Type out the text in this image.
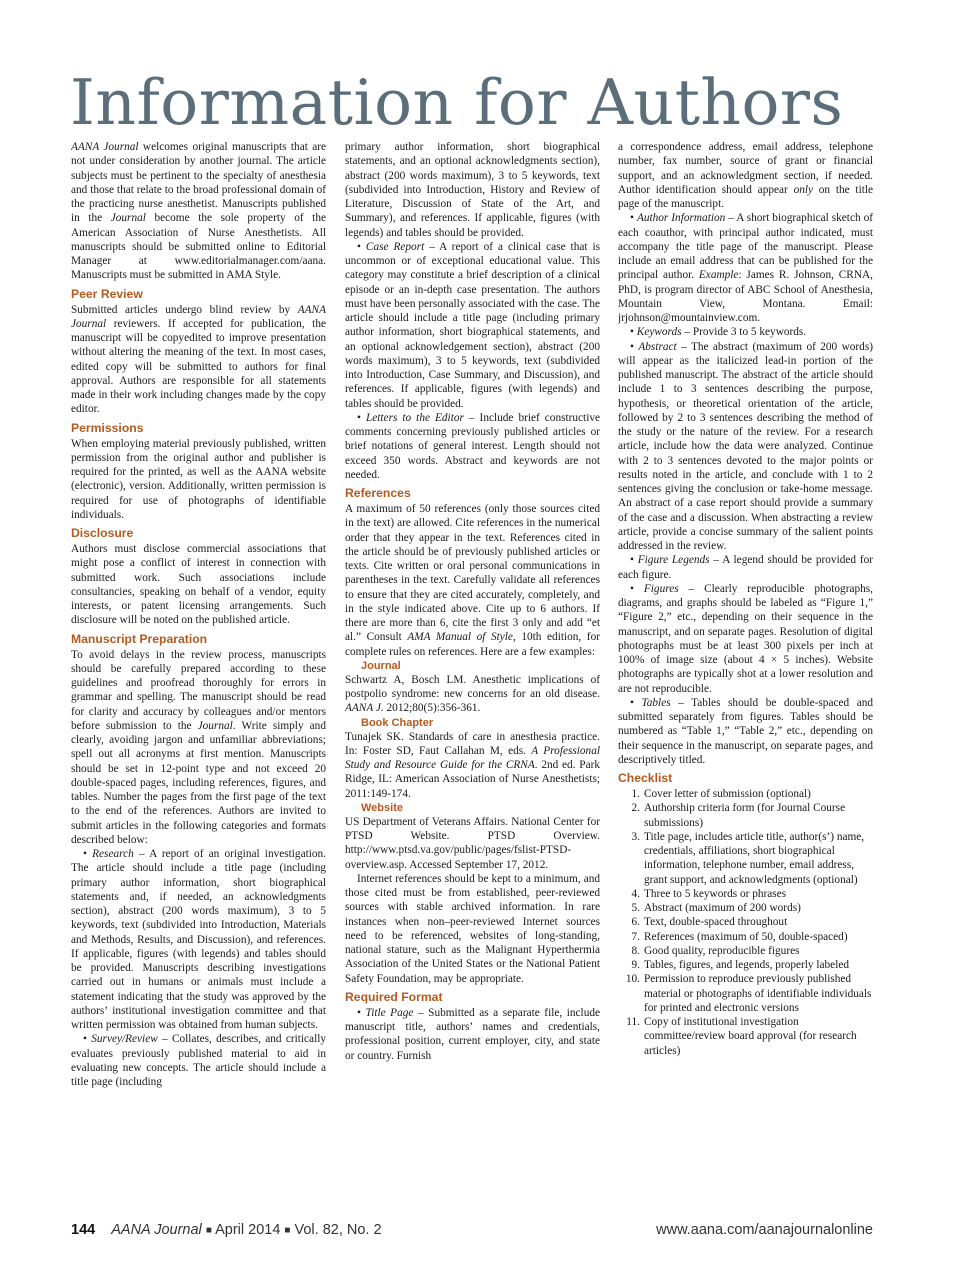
Information for Authors

AANA Journal welcomes original manuscripts that are not under consideration by another journal. The article subjects must be pertinent to the specialty of anesthesia and those that relate to the broad professional domain of the practicing nurse anesthetist. Manuscripts published in the Journal become the sole property of the American Association of Nurse Anesthetists. All manuscripts should be submitted online to Editorial Manager at www.editorialmanager.com/aana. Manuscripts must be submitted in AMA Style.

Peer Review

Submitted articles undergo blind review by AANA Journal reviewers. If accepted for publication, the manuscript will be copyedited to improve presentation without altering the meaning of the text. In most cases, edited copy will be submitted to authors for final approval. Authors are responsible for all statements made in their work including changes made by the copy editor.

Permissions

When employing material previously published, written permission from the original author and publisher is required for the printed, as well as the AANA website (electronic), version. Additionally, written permission is required for use of photographs of identifiable individuals.

Disclosure

Authors must disclose commercial associations that might pose a conflict of interest in connection with submitted work. Such associations include consultancies, speaking on behalf of a vendor, equity interests, or patent licensing arrangements. Such disclosure will be noted on the published article.

Manuscript Preparation

To avoid delays in the review process, manuscripts should be carefully prepared according to these guidelines and proofread thoroughly for errors in grammar and spelling. The manuscript should be read for clarity and accuracy by colleagues and/or mentors before submission to the Journal. Write simply and clearly, avoiding jargon and unfamiliar abbreviations; spell out all acronyms at first mention. Manuscripts should be set in 12-point type and not exceed 20 double-spaced pages, including references, figures, and tables. Number the pages from the first page of the text to the end of the references. Authors are invited to submit articles in the following categories and formats described below:

• Research – A report of an original investigation. The article should include a title page (including primary author information, short biographical statements and, if needed, an acknowledgments section), abstract (200 words maximum), 3 to 5 keywords, text (subdivided into Introduction, Materials and Methods, Results, and Discussion), and references. If applicable, figures (with legends) and tables should be provided. Manuscripts describing investigations carried out in humans or animals must include a statement indicating that the study was approved by the authors’ institutional investigation committee and that written permission was obtained from human subjects.

• Survey/Review – Collates, describes, and critically evaluates previously published material to aid in evaluating new concepts. The article should include a title page (including

primary author information, short biographical statements, and an optional acknowledgments section), abstract (200 words maximum), 3 to 5 keywords, text (subdivided into Introduction, History and Review of Literature, Discussion of State of the Art, and Summary), and references. If applicable, figures (with legends) and tables should be provided.

• Case Report – A report of a clinical case that is uncommon or of exceptional educational value. This category may constitute a brief description of a clinical episode or an in-depth case presentation. The authors must have been personally associated with the case. The article should include a title page (including primary author information, short biographical statements, and an optional acknowledgement section), abstract (200 words maximum), 3 to 5 keywords, text (subdivided into Introduction, Case Summary, and Discussion), and references. If applicable, figures (with legends) and tables should be provided.

• Letters to the Editor – Include brief constructive comments concerning previously published articles or brief notations of general interest. Length should not exceed 350 words. Abstract and keywords are not needed.

References

A maximum of 50 references (only those sources cited in the text) are allowed. Cite references in the numerical order that they appear in the text. References cited in the article should be of previously published articles or texts. Cite written or oral personal communications in parentheses in the text. Carefully validate all references to ensure that they are cited accurately, completely, and in the style indicated above. Cite up to 6 authors. If there are more than 6, cite the first 3 only and add “et al.” Consult AMA Manual of Style, 10th edition, for complete rules on references. Here are a few examples:

Journal

Schwartz A, Bosch LM. Anesthetic implications of postpolio syndrome: new concerns for an old disease. AANA J. 2012;80(5):356-361.

Book Chapter

Tunajek SK. Standards of care in anesthesia practice. In: Foster SD, Faut Callahan M, eds. A Professional Study and Resource Guide for the CRNA. 2nd ed. Park Ridge, IL: American Association of Nurse Anesthetists; 2011:149-174.

Website

US Department of Veterans Affairs. National Center for PTSD Website. PTSD Overview. http://www.ptsd.va.gov/public/pages/fslist-PTSD-overview.asp. Accessed September 17, 2012.

Internet references should be kept to a minimum, and those cited must be from established, peer-reviewed sources with stable archived information. In rare instances when non–peer-reviewed Internet sources need to be referenced, websites of long-standing, national stature, such as the Malignant Hyperthermia Association of the United States or the National Patient Safety Foundation, may be appropriate.

Required Format

• Title Page – Submitted as a separate file, include manuscript title, authors’ names and credentials, professional position, current employer, city, and state or country. Furnish

a correspondence address, email address, telephone number, fax number, source of grant or financial support, and an acknowledgment section, if needed. Author identification should appear only on the title page of the manuscript.

• Author Information – A short biographical sketch of each coauthor, with principal author indicated, must accompany the title page of the manuscript. Please include an email address that can be published for the principal author. Example: James R. Johnson, CRNA, PhD, is program director of ABC School of Anesthesia, Mountain View, Montana. Email: jrjohnson@mountainview.com.

• Keywords – Provide 3 to 5 keywords.

• Abstract – The abstract (maximum of 200 words) will appear as the italicized lead-in portion of the published manuscript. The abstract of the article should include 1 to 3 sentences describing the purpose, hypothesis, or theoretical orientation of the article, followed by 2 to 3 sentences describing the method of the study or the nature of the review. For a research article, include how the data were analyzed. Continue with 2 to 3 sentences devoted to the major points or results noted in the article, and conclude with 1 to 2 sentences giving the conclusion or take-home message. An abstract of a case report should provide a summary of the case and a discussion. When abstracting a review article, provide a concise summary of the salient points addressed in the review.

• Figure Legends – A legend should be provided for each figure.

• Figures – Clearly reproducible photographs, diagrams, and graphs should be labeled as “Figure 1,” “Figure 2,” etc., depending on their sequence in the manuscript, and on separate pages. Resolution of digital photographs must be at least 300 pixels per inch at 100% of image size (about 4 × 5 inches). Website photographs are typically shot at a lower resolution and are not reproducible.

• Tables – Tables should be double-spaced and submitted separately from figures. Tables should be numbered as “Table 1,” “Table 2,” etc., depending on their sequence in the manuscript, on separate pages, and descriptively titled.

Checklist
1. Cover letter of submission (optional)
2. Authorship criteria form (for Journal Course submissions)
3. Title page, includes article title, author(s’) name, credentials, affiliations, short biographical information, telephone number, email address, grant support, and acknowledgments (optional)
4. Three to 5 keywords or phrases
5. Abstract (maximum of 200 words)
6. Text, double-spaced throughout
7. References (maximum of 50, double-spaced)
8. Good quality, reproducible figures
9. Tables, figures, and legends, properly labeled
10. Permission to reproduce previously published material or photographs of identifiable individuals for printed and electronic versions
11. Copy of institutional investigation committee/review board approval (for research articles)
144 AANA Journal ■ April 2014 ■ Vol. 82, No. 2	www.aana.com/aanajournalonline
